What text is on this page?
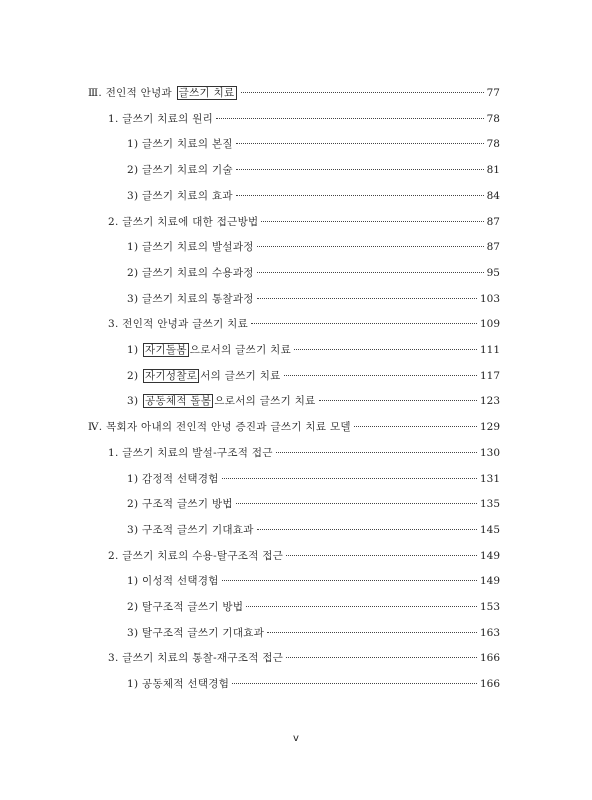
Ⅲ. 전인적 안녕과 글쓰기 치료	77
1. 글쓰기 치료의 원리	78
1) 글쓰기 치료의 본질	78
2) 글쓰기 치료의 기술	81
3) 글쓰기 치료의 효과	84
2. 글쓰기 치료에 대한 접근방법	87
1) 글쓰기 치료의 발설과정	87
2) 글쓰기 치료의 수용과정	95
3) 글쓰기 치료의 통찰과정	103
3. 전인적 안녕과 글쓰기 치료	109
1) 자기돌봄 으로서의 글쓰기 치료	111
2) 자기성찰로 서의 글쓰기 치료	117
3) 공동체적 돌봄 으로서의 글쓰기 치료	123
Ⅳ. 목회자 아내의 전인적 안녕 증진과 글쓰기 치료 모델	129
1. 글쓰기 치료의 발설-구조적 접근	130
1) 감정적 선택경험	131
2) 구조적 글쓰기 방법	135
3) 구조적 글쓰기 기대효과	145
2. 글쓰기 치료의 수용-탈구조적 접근	149
1) 이성적 선택경험	149
2) 탈구조적 글쓰기 방법	153
3) 탈구조적 글쓰기 기대효과	163
3. 글쓰기 치료의 통찰-재구조적 접근	166
1) 공동체적 선택경험	166
v
